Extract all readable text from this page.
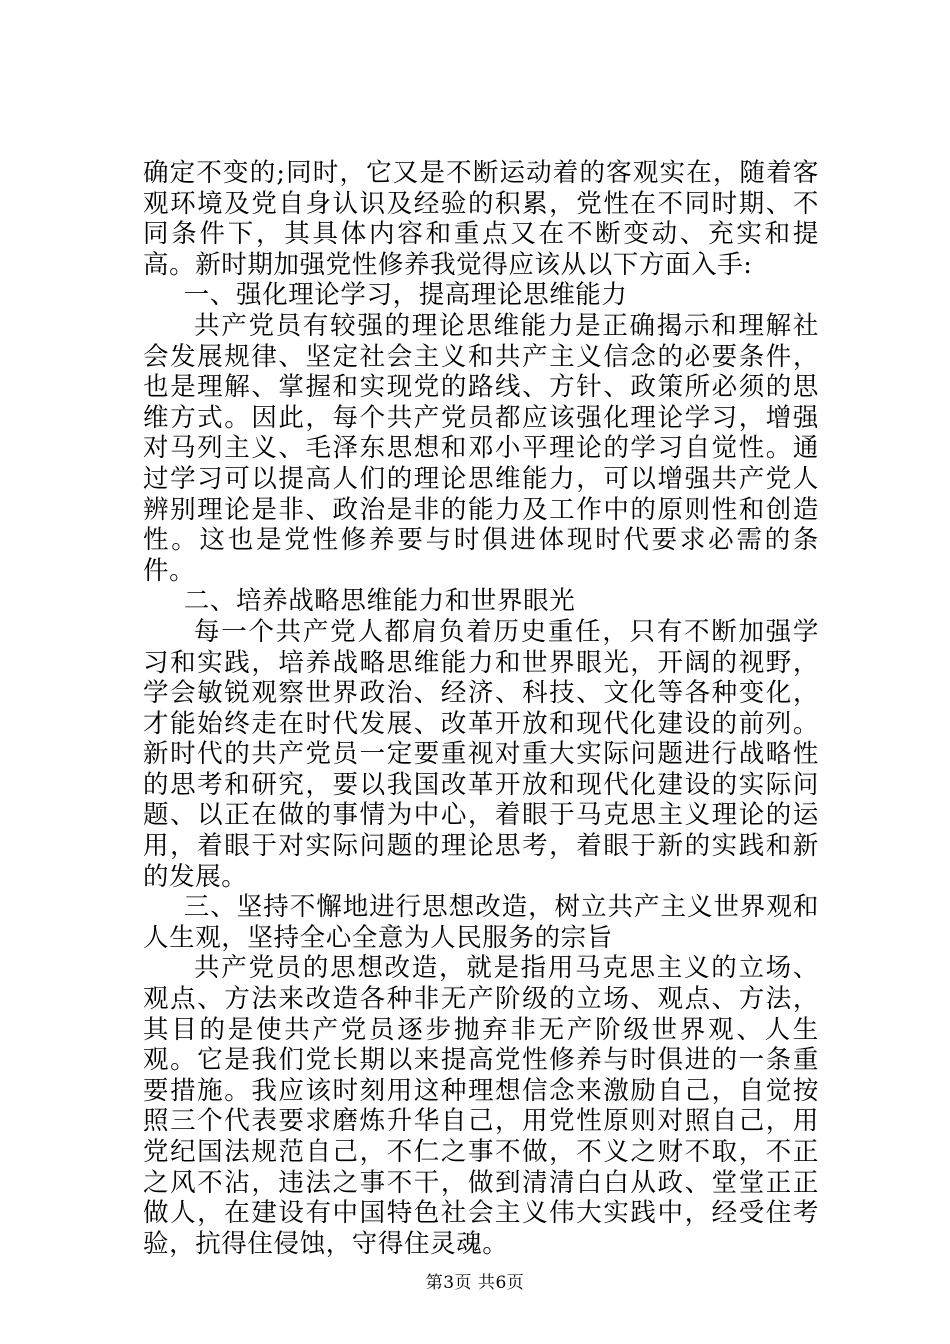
确定不变的;同时，它又是不断运动着的客观实在，随着客观环境及党自身认识及经验的积累，党性在不同时期、不同条件下，其具体内容和重点又在不断变动、充实和提高。新时期加强党性修养我觉得应该从以下方面入手:

一、强化理论学习，提高理论思维能力

共产党员有较强的理论思维能力是正确揭示和理解社会发展规律、坚定社会主义和共产主义信念的必要条件，也是理解、掌握和实现党的路线、方针、政策所必须的思维方式。因此，每个共产党员都应该强化理论学习，增强对马列主义、毛泽东思想和邓小平理论的学习自觉性。通过学习可以提高人们的理论思维能力，可以增强共产党人辨别理论是非、政治是非的能力及工作中的原则性和创造性。这也是党性修养要与时俱进体现时代要求必需的条件。

二、培养战略思维能力和世界眼光

每一个共产党人都肩负着历史重任，只有不断加强学习和实践，培养战略思维能力和世界眼光，开阔的视野，学会敏锐观察世界政治、经济、科技、文化等各种变化，才能始终走在时代发展、改革开放和现代化建设的前列。新时代的共产党员一定要重视对重大实际问题进行战略性的思考和研究，要以我国改革开放和现代化建设的实际问题、以正在做的事情为中心，着眼于马克思主义理论的运用，着眼于对实际问题的理论思考，着眼于新的实践和新的发展。

三、坚持不懈地进行思想改造，树立共产主义世界观和人生观，坚持全心全意为人民服务的宗旨

共产党员的思想改造，就是指用马克思主义的立场、观点、方法来改造各种非无产阶级的立场、观点、方法，其目的是使共产党员逐步抛弃非无产阶级世界观、人生观。它是我们党长期以来提高党性修养与时俱进的一条重要措施。我应该时刻用这种理想信念来激励自己，自觉按照三个代表要求磨炼升华自己，用党性原则对照自己，用党纪国法规范自己，不仁之事不做，不义之财不取，不正之风不沾，违法之事不干，做到清清白白从政、堂堂正正做人，在建设有中国特色社会主义伟大实践中，经受住考验，抗得住侵蚀，守得住灵魂。

第3页 共6页
